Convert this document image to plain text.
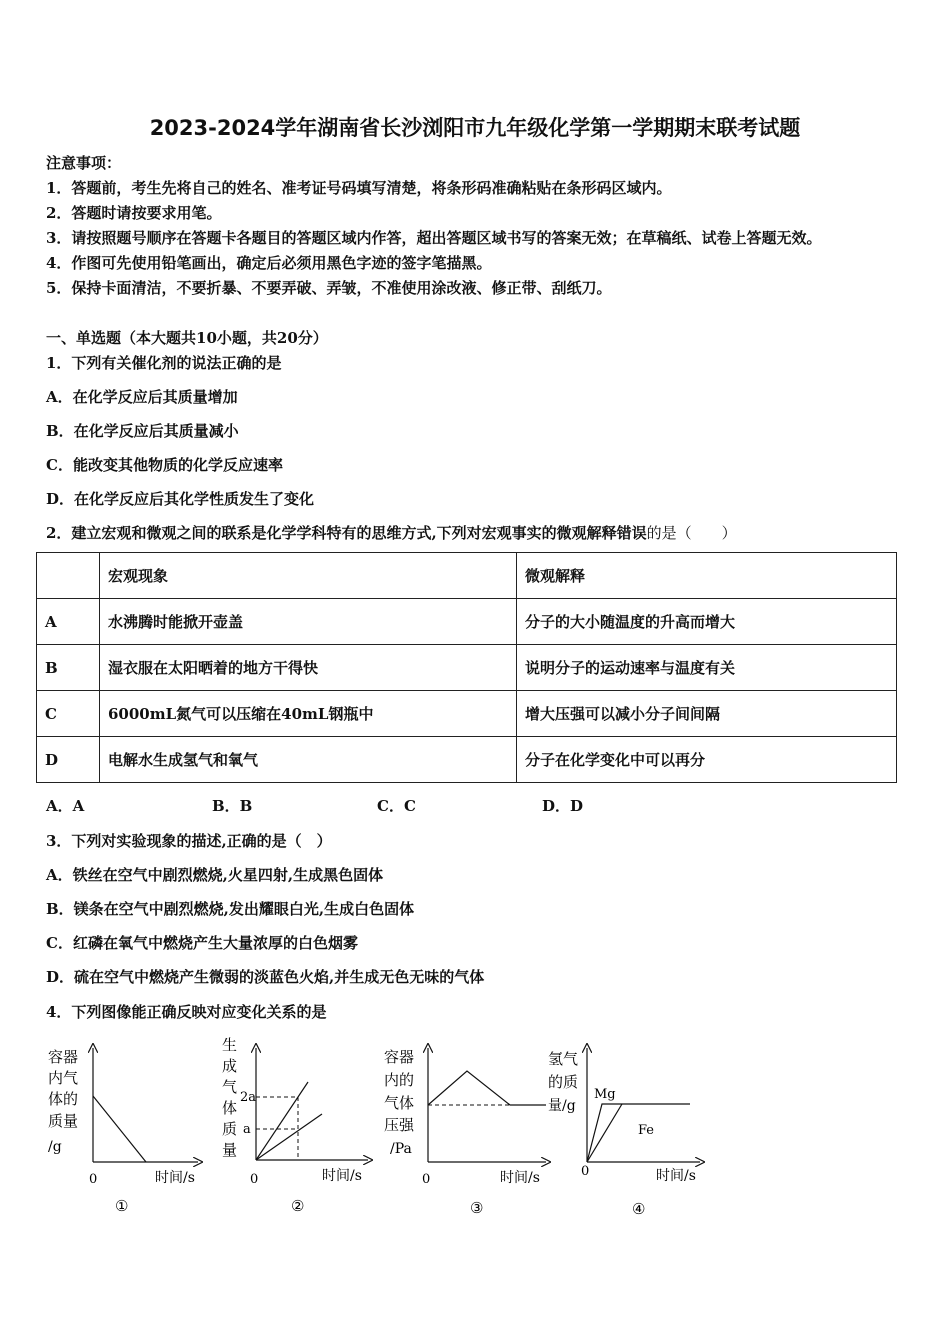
2023-2024学年湖南省长沙浏阳市九年级化学第一学期期末联考试题
注意事项：
1．答题前，考生先将自己的姓名、准考证号码填写清楚，将条形码准确粘贴在条形码区域内。
2．答题时请按要求用笔。
3．请按照题号顺序在答题卡各题目的答题区域内作答，超出答题区域书写的答案无效；在草稿纸、试卷上答题无效。
4．作图可先使用铅笔画出，确定后必须用黑色字迹的签字笔描黑。
5．保持卡面清洁，不要折暴、不要弄破、弄皱，不准使用涂改液、修正带、刮纸刀。
一、单选题（本大题共10小题，共20分）
1．下列有关催化剂的说法正确的是
A．在化学反应后其质量增加
B．在化学反应后其质量减小
C．能改变其他物质的化学反应速率
D．在化学反应后其化学性质发生了变化
2．建立宏观和微观之间的联系是化学学科特有的思维方式,下列对宏观事实的微观解释错误的是（　　）
	宏观现象	微观解释
A	水沸腾时能掀开壶盖	分子的大小随温度的升高而增大
B	湿衣服在太阳晒着的地方干得快	说明分子的运动速率与温度有关
C	6000mL氮气可以压缩在40mL钢瓶中	增大压强可以减小分子间间隔
D	电解水生成氢气和氧气	分子在化学变化中可以再分
A．A	B．B	C．C	D．D
3．下列对实验现象的描述,正确的是（　）
A．铁丝在空气中剧烈燃烧,火星四射,生成黑色固体
B．镁条在空气中剧烈燃烧,发出耀眼白光,生成白色固体
C．红磷在氧气中燃烧产生大量浓厚的白色烟雾
D．硫在空气中燃烧产生微弱的淡蓝色火焰,并生成无色无味的气体
4．下列图像能正确反映对应变化关系的是
容器
内气
体的
质量
/g
0	时间/s
①
生
成
气
体
质
量
2a
a
0	时间/s
②
容器
内的
气体
压强
/Pa
0	时间/s
③
氢气
的质
量/g
Mg
Fe
0	时间/s
④
